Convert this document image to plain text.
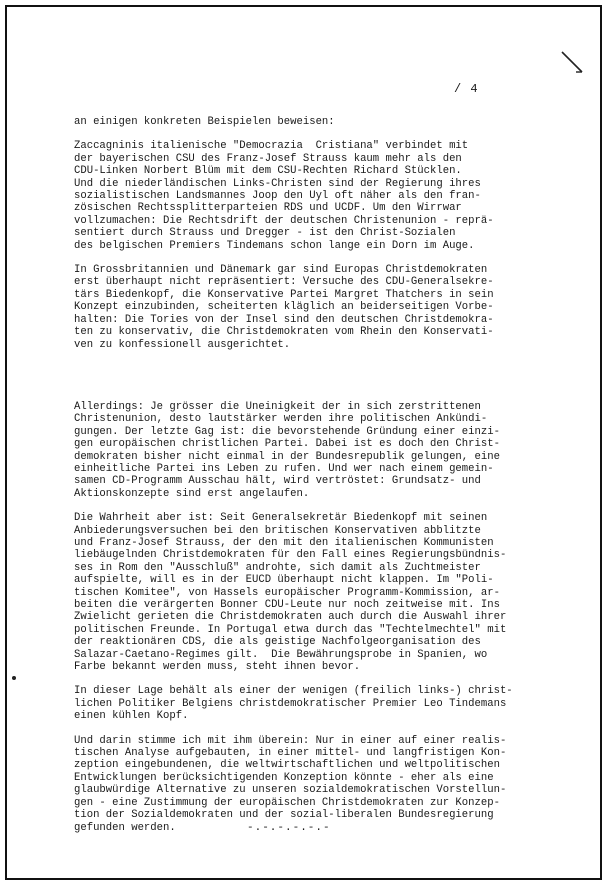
/ 4
an einigen konkreten Beispielen beweisen:
Zaccagninis italienische "Democrazia  Cristiana" verbindet mit
der bayerischen CSU des Franz-Josef Strauss kaum mehr als den
CDU-Linken Norbert Blüm mit dem CSU-Rechten Richard Stücklen.
Und die niederländischen Links-Christen sind der Regierung ihres
sozialistischen Landsmannes Joop den Uyl oft näher als den fran-
zösischen Rechtssplitterparteien RDS und UCDF. Um den Wirrwar
vollzumachen: Die Rechtsdrift der deutschen Christenunion - reprä-
sentiert durch Strauss und Dregger - ist den Christ-Sozialen
des belgischen Premiers Tindemans schon lange ein Dorn im Auge.
In Grossbritannien und Dänemark gar sind Europas Christdemokraten
erst überhaupt nicht repräsentiert: Versuche des CDU-Generalsekre-
tärs Biedenkopf, die Konservative Partei Margret Thatchers in sein
Konzept einzubinden, scheiterten kläglich an beiderseitigen Vorbe-
halten: Die Tories von der Insel sind den deutschen Christdemokra-
ten zu konservativ, die Christdemokraten vom Rhein den Konservati-
ven zu konfessionell ausgerichtet.
Allerdings: Je grösser die Uneinigkeit der in sich zerstrittenen
Christenunion, desto lautstärker werden ihre politischen Ankündi-
gungen. Der letzte Gag ist: die bevorstehende Gründung einer einzi-
gen europäischen christlichen Partei. Dabei ist es doch den Christ-
demokraten bisher nicht einmal in der Bundesrepublik gelungen, eine
einheitliche Partei ins Leben zu rufen. Und wer nach einem gemein-
samen CD-Programm Ausschau hält, wird vertröstet: Grundsatz- und
Aktionskonzepte sind erst angelaufen.
Die Wahrheit aber ist: Seit Generalsekretär Biedenkopf mit seinen
Anbiederungsversuchen bei den britischen Konservativen abblitzte
und Franz-Josef Strauss, der den mit den italienischen Kommunisten
liebäugelnden Christdemokraten für den Fall eines Regierungsbündnis-
ses in Rom den "Ausschluß" androhte, sich damit als Zuchtmeister
aufspielte, will es in der EUCD überhaupt nicht klappen. Im "Poli-
tischen Komitee", von Hassels europäischer Programm-Kommission, ar-
beiten die verärgerten Bonner CDU-Leute nur noch zeitweise mit. Ins
Zwielicht gerieten die Christdemokraten auch durch die Auswahl ihrer
politischen Freunde. In Portugal etwa durch das "Techtelmechtel" mit
der reaktionären CDS, die als geistige Nachfolgeorganisation des
Salazar-Caetano-Regimes gilt.  Die Bewährungsprobe in Spanien, wo
Farbe bekannt werden muss, steht ihnen bevor.
In dieser Lage behält als einer der wenigen (freilich links-) christ-
lichen Politiker Belgiens christdemokratischer Premier Leo Tindemans
einen kühlen Kopf.
Und darin stimme ich mit ihm überein: Nur in einer auf einer realis-
tischen Analyse aufgebauten, in einer mittel- und langfristigen Kon-
zeption eingebundenen, die weltwirtschaftlichen und weltpolitischen
Entwicklungen berücksichtigenden Konzeption könnte - eher als eine
glaubwürdige Alternative zu unseren sozialdemokratischen Vorstellun-
gen - eine Zustimmung der europäischen Christdemokraten zur Konzep-
tion der Sozialdemokraten und der sozial-liberalen Bundesregierung
gefunden werden.	-.-.-.-.-.-
